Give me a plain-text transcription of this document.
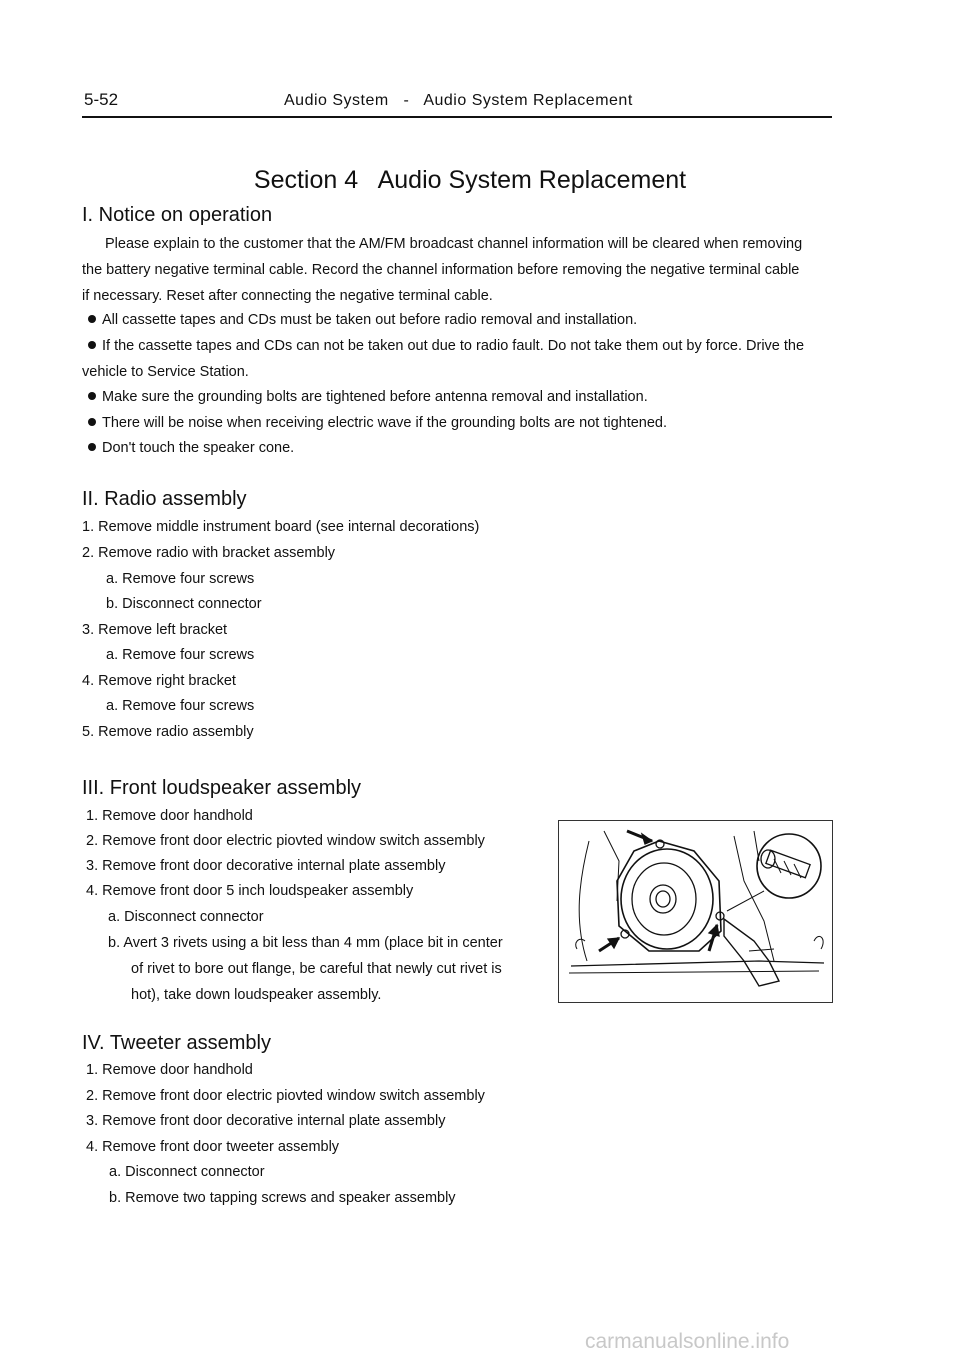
5-52	Audio System   -   Audio System Replacement
Section 4   Audio System Replacement
I. Notice on operation
Please explain to the customer that the AM/FM broadcast channel information will be cleared when removing
the battery negative terminal cable. Record the channel information before removing the negative terminal cable
if necessary. Reset after connecting the negative terminal cable.
All cassette tapes and CDs must be taken out before radio removal and installation.
If the cassette tapes and CDs can not be taken out due to radio fault. Do not take them out by force. Drive the
vehicle to Service Station.
Make sure the grounding bolts are tightened before antenna removal and installation.
There will be noise when receiving electric wave if the grounding bolts are not tightened.
Don't touch the speaker cone.
II. Radio assembly
1. Remove middle instrument board (see internal decorations)
2. Remove radio with bracket assembly
a. Remove four screws
b. Disconnect connector
3. Remove left bracket
a. Remove four screws
4. Remove right bracket
a. Remove four screws
5. Remove radio assembly
III. Front loudspeaker assembly
1. Remove door handhold
2. Remove front door electric piovted window switch assembly
3. Remove front door decorative internal plate assembly
4. Remove front door 5 inch loudspeaker assembly
a. Disconnect connector
b. Avert 3 rivets using a bit less than 4 mm (place bit in center
of rivet to bore out flange, be careful that newly cut rivet is
hot), take down loudspeaker assembly.
IV. Tweeter assembly
1. Remove door handhold
2. Remove front door electric piovted window switch assembly
3. Remove front door decorative internal plate assembly
4. Remove front door tweeter assembly
a. Disconnect connector
b. Remove two tapping screws and speaker assembly
carmanualsonline.info
